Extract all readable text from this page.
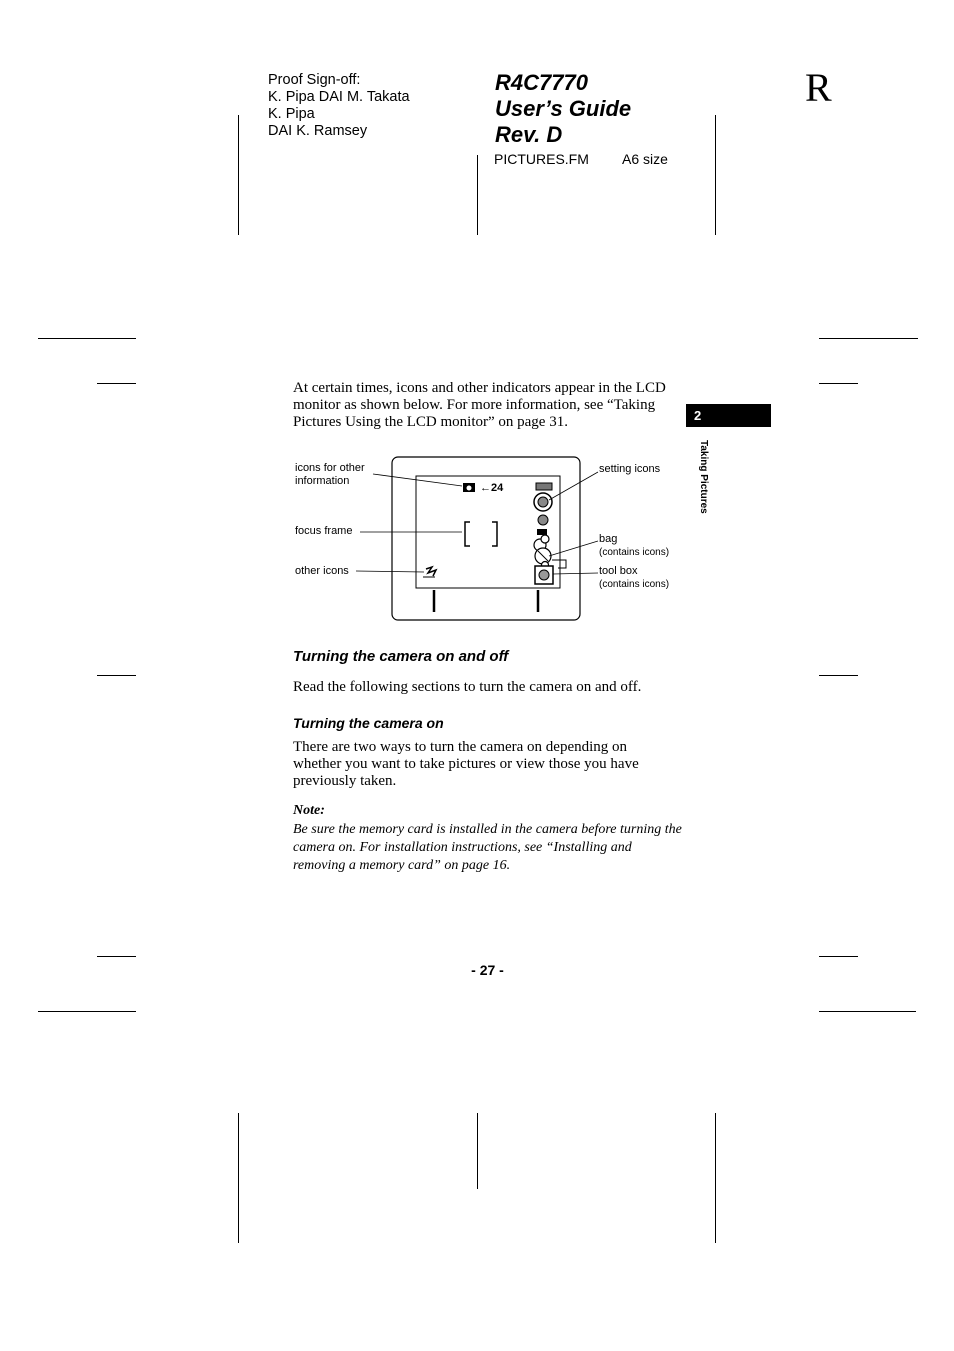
Proof Sign-off:
K. Pipa DAI M. Takata
K. Pipa
DAI K. Ramsey
R4C7770
User’s Guide
Rev. D
PICTURES.FM A6 size
R
2
Taking Pictures
At certain times, icons and other indicators appear in the LCD monitor as shown below. For more information, see “Taking Pictures Using the LCD monitor” on page 31.
icons for other
information
focus frame
other icons
←24
setting icons
bag
(contains icons)
tool box
(contains icons)
Turning the camera on and off
Read the following sections to turn the camera on and off.
Turning the camera on
There are two ways to turn the camera on depending on whether you want to take pictures or view those you have previously taken.
Note:
Be sure the memory card is installed in the camera before turning the camera on. For installation instructions, see “Installing and removing a memory card” on page 16.
- 27 -
